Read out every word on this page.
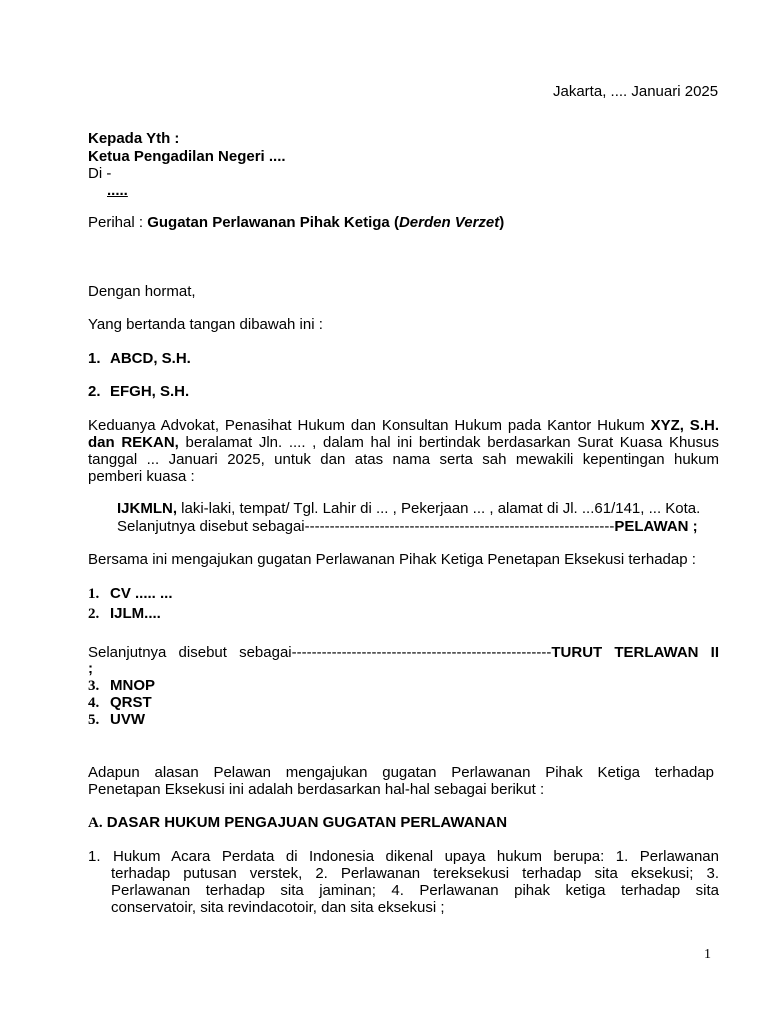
Jakarta, .... Januari 2025
Kepada Yth :
Ketua Pengadilan Negeri ....
Di -
.....
Perihal : Gugatan Perlawanan Pihak Ketiga (Derden Verzet)
Dengan hormat,
Yang bertanda tangan dibawah ini :
1. ABCD, S.H.
2. EFGH, S.H.
Keduanya Advokat, Penasihat Hukum dan Konsultan Hukum pada Kantor Hukum XYZ, S.H.
dan REKAN, beralamat Jln. .... , dalam hal ini bertindak berdasarkan Surat Kuasa Khusus
tanggal ... Januari 2025, untuk dan atas nama serta sah mewakili kepentingan hukum
pemberi kuasa :
IJKMLN, laki-laki, tempat/ Tgl. Lahir di ... , Pekerjaan ... , alamat di Jl. ...61/141, ... Kota.
Selanjutnya disebut sebagai--------------------------------------------------------------PELAWAN ;
Bersama ini mengajukan gugatan Perlawanan Pihak Ketiga Penetapan Eksekusi terhadap :
1. CV ..... ...
2. IJLM....
Selanjutnya disebut sebagai----------------------------------------------------TURUT TERLAWAN II
;
3. MNOP
4. QRST
5. UVW
Adapun alasan Pelawan mengajukan gugatan Perlawanan Pihak Ketiga terhadap
Penetapan Eksekusi ini adalah berdasarkan hal-hal sebagai berikut :
A. DASAR HUKUM PENGAJUAN GUGATAN PERLAWANAN
1. Hukum Acara Perdata di Indonesia dikenal upaya hukum berupa: 1. Perlawanan
terhadap putusan verstek, 2. Perlawanan tereksekusi terhadap sita eksekusi; 3.
Perlawanan terhadap sita jaminan; 4. Perlawanan pihak ketiga terhadap sita
conservatoir, sita revindacotoir, dan sita eksekusi ;
1
